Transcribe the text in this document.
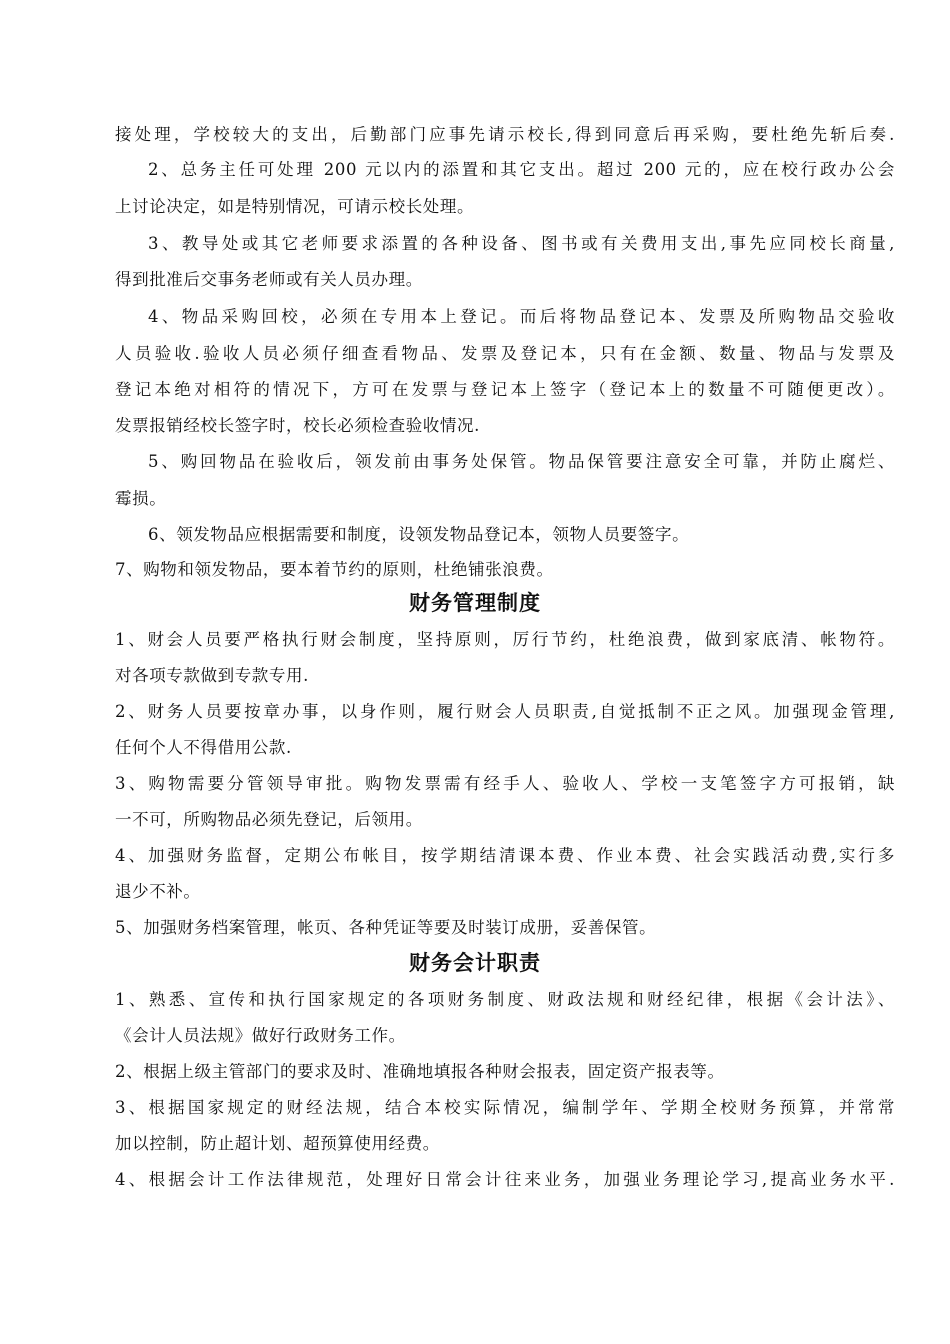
接处理，学校较大的支出，后勤部门应事先请示校长,得到同意后再采购，要杜绝先斩后奏.
2、总务主任可处理 200 元以内的添置和其它支出。超过 200 元的，应在校行政办公会
上讨论决定，如是特别情况，可请示校长处理。
3、教导处或其它老师要求添置的各种设备、图书或有关费用支出,事先应同校长商量,
得到批准后交事务老师或有关人员办理。
4、物品采购回校，必须在专用本上登记。而后将物品登记本、发票及所购物品交验收
人员验收.验收人员必须仔细查看物品、发票及登记本，只有在金额、数量、物品与发票及
登记本绝对相符的情况下，方可在发票与登记本上签字（登记本上的数量不可随便更改）。
发票报销经校长签字时，校长必须检查验收情况.
5、购回物品在验收后，领发前由事务处保管。物品保管要注意安全可靠，并防止腐烂、
霉损。
6、领发物品应根据需要和制度，设领发物品登记本，领物人员要签字。
7、购物和领发物品，要本着节约的原则，杜绝铺张浪费。
财务管理制度
1、财会人员要严格执行财会制度，坚持原则，厉行节约，杜绝浪费，做到家底清、帐物符。
对各项专款做到专款专用.
2、财务人员要按章办事，以身作则，履行财会人员职责,自觉抵制不正之风。加强现金管理,
任何个人不得借用公款.
3、购物需要分管领导审批。购物发票需有经手人、验收人、学校一支笔签字方可报销，缺
一不可，所购物品必须先登记，后领用。
4、加强财务监督，定期公布帐目，按学期结清课本费、作业本费、社会实践活动费,实行多
退少不补。
5、加强财务档案管理，帐页、各种凭证等要及时装订成册，妥善保管。
财务会计职责
1、熟悉、宣传和执行国家规定的各项财务制度、财政法规和财经纪律，根据《会计法》、
《会计人员法规》做好行政财务工作。
2、根据上级主管部门的要求及时、准确地填报各种财会报表，固定资产报表等。
3、根据国家规定的财经法规，结合本校实际情况，编制学年、学期全校财务预算，并常常
加以控制，防止超计划、超预算使用经费。
4、根据会计工作法律规范，处理好日常会计往来业务，加强业务理论学习,提高业务水平.
